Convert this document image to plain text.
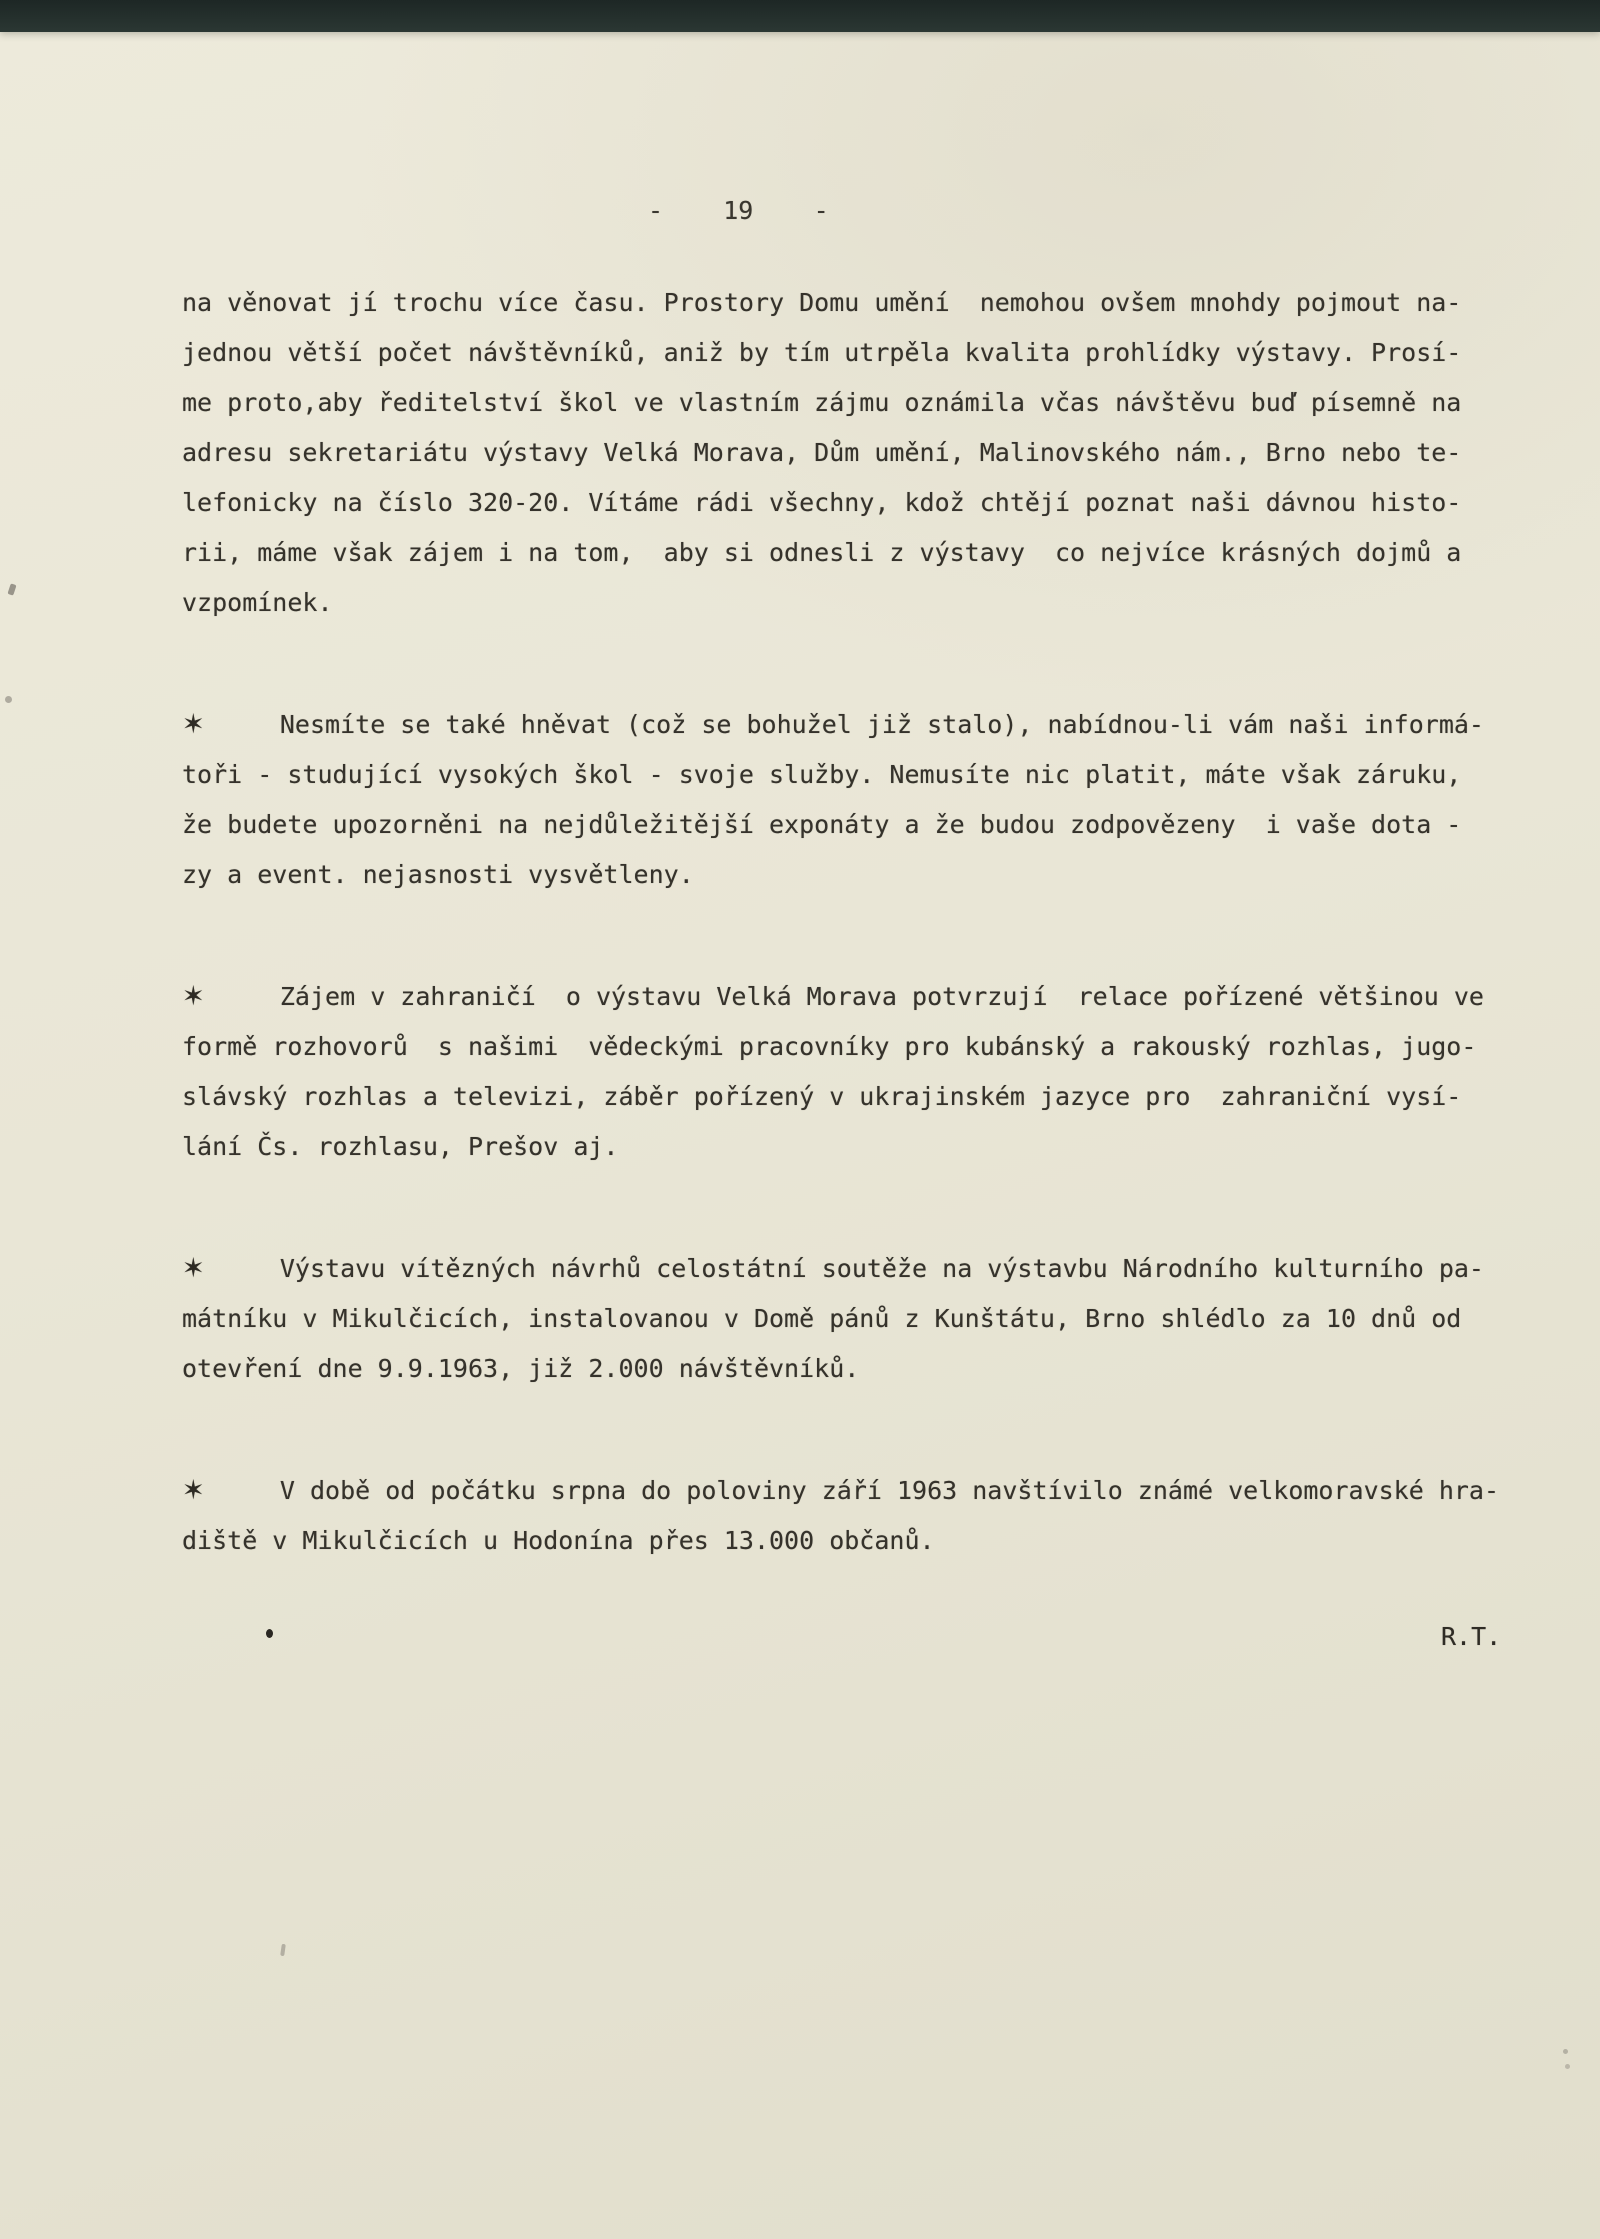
-    19    -
na věnovat jí trochu více času. Prostory Domu umění  nemohou ovšem mnohdy pojmout na-
jednou větší počet návštěvníků, aniž by tím utrpěla kvalita prohlídky výstavy. Prosí-
me proto,aby ředitelství škol ve vlastním zájmu oznámila včas návštěvu buď písemně na
adresu sekretariátu výstavy Velká Morava, Dům umění, Malinovského nám., Brno nebo te-
lefonicky na číslo 320-20. Vítáme rádi všechny, kdož chtějí poznat naši dávnou histo-
rii, máme však zájem i na tom,  aby si odnesli z výstavy  co nejvíce krásných dojmů a
vzpomínek.
✶     Nesmíte se také hněvat (což se bohužel již stalo), nabídnou-li vám naši informá-
toři - studující vysokých škol - svoje služby. Nemusíte nic platit, máte však záruku,
že budete upozorněni na nejdůležitější exponáty a že budou zodpovězeny  i vaše dota -
zy a event. nejasnosti vysvětleny.
✶     Zájem v zahraničí  o výstavu Velká Morava potvrzují  relace pořízené většinou ve
formě rozhovorů  s našimi  vědeckými pracovníky pro kubánský a rakouský rozhlas, jugo-
slávský rozhlas a televizi, záběr pořízený v ukrajinském jazyce pro  zahraniční vysí-
lání Čs. rozhlasu, Prešov aj.
✶     Výstavu vítězných návrhů celostátní soutěže na výstavbu Národního kulturního pa-
mátníku v Mikulčicích, instalovanou v Domě pánů z Kunštátu, Brno shlédlo za 10 dnů od
otevření dne 9.9.1963, již 2.000 návštěvníků.
✶     V době od počátku srpna do poloviny září 1963 navštívilo známé velkomoravské hra-
diště v Mikulčicích u Hodonína přes 13.000 občanů.
R.T.
